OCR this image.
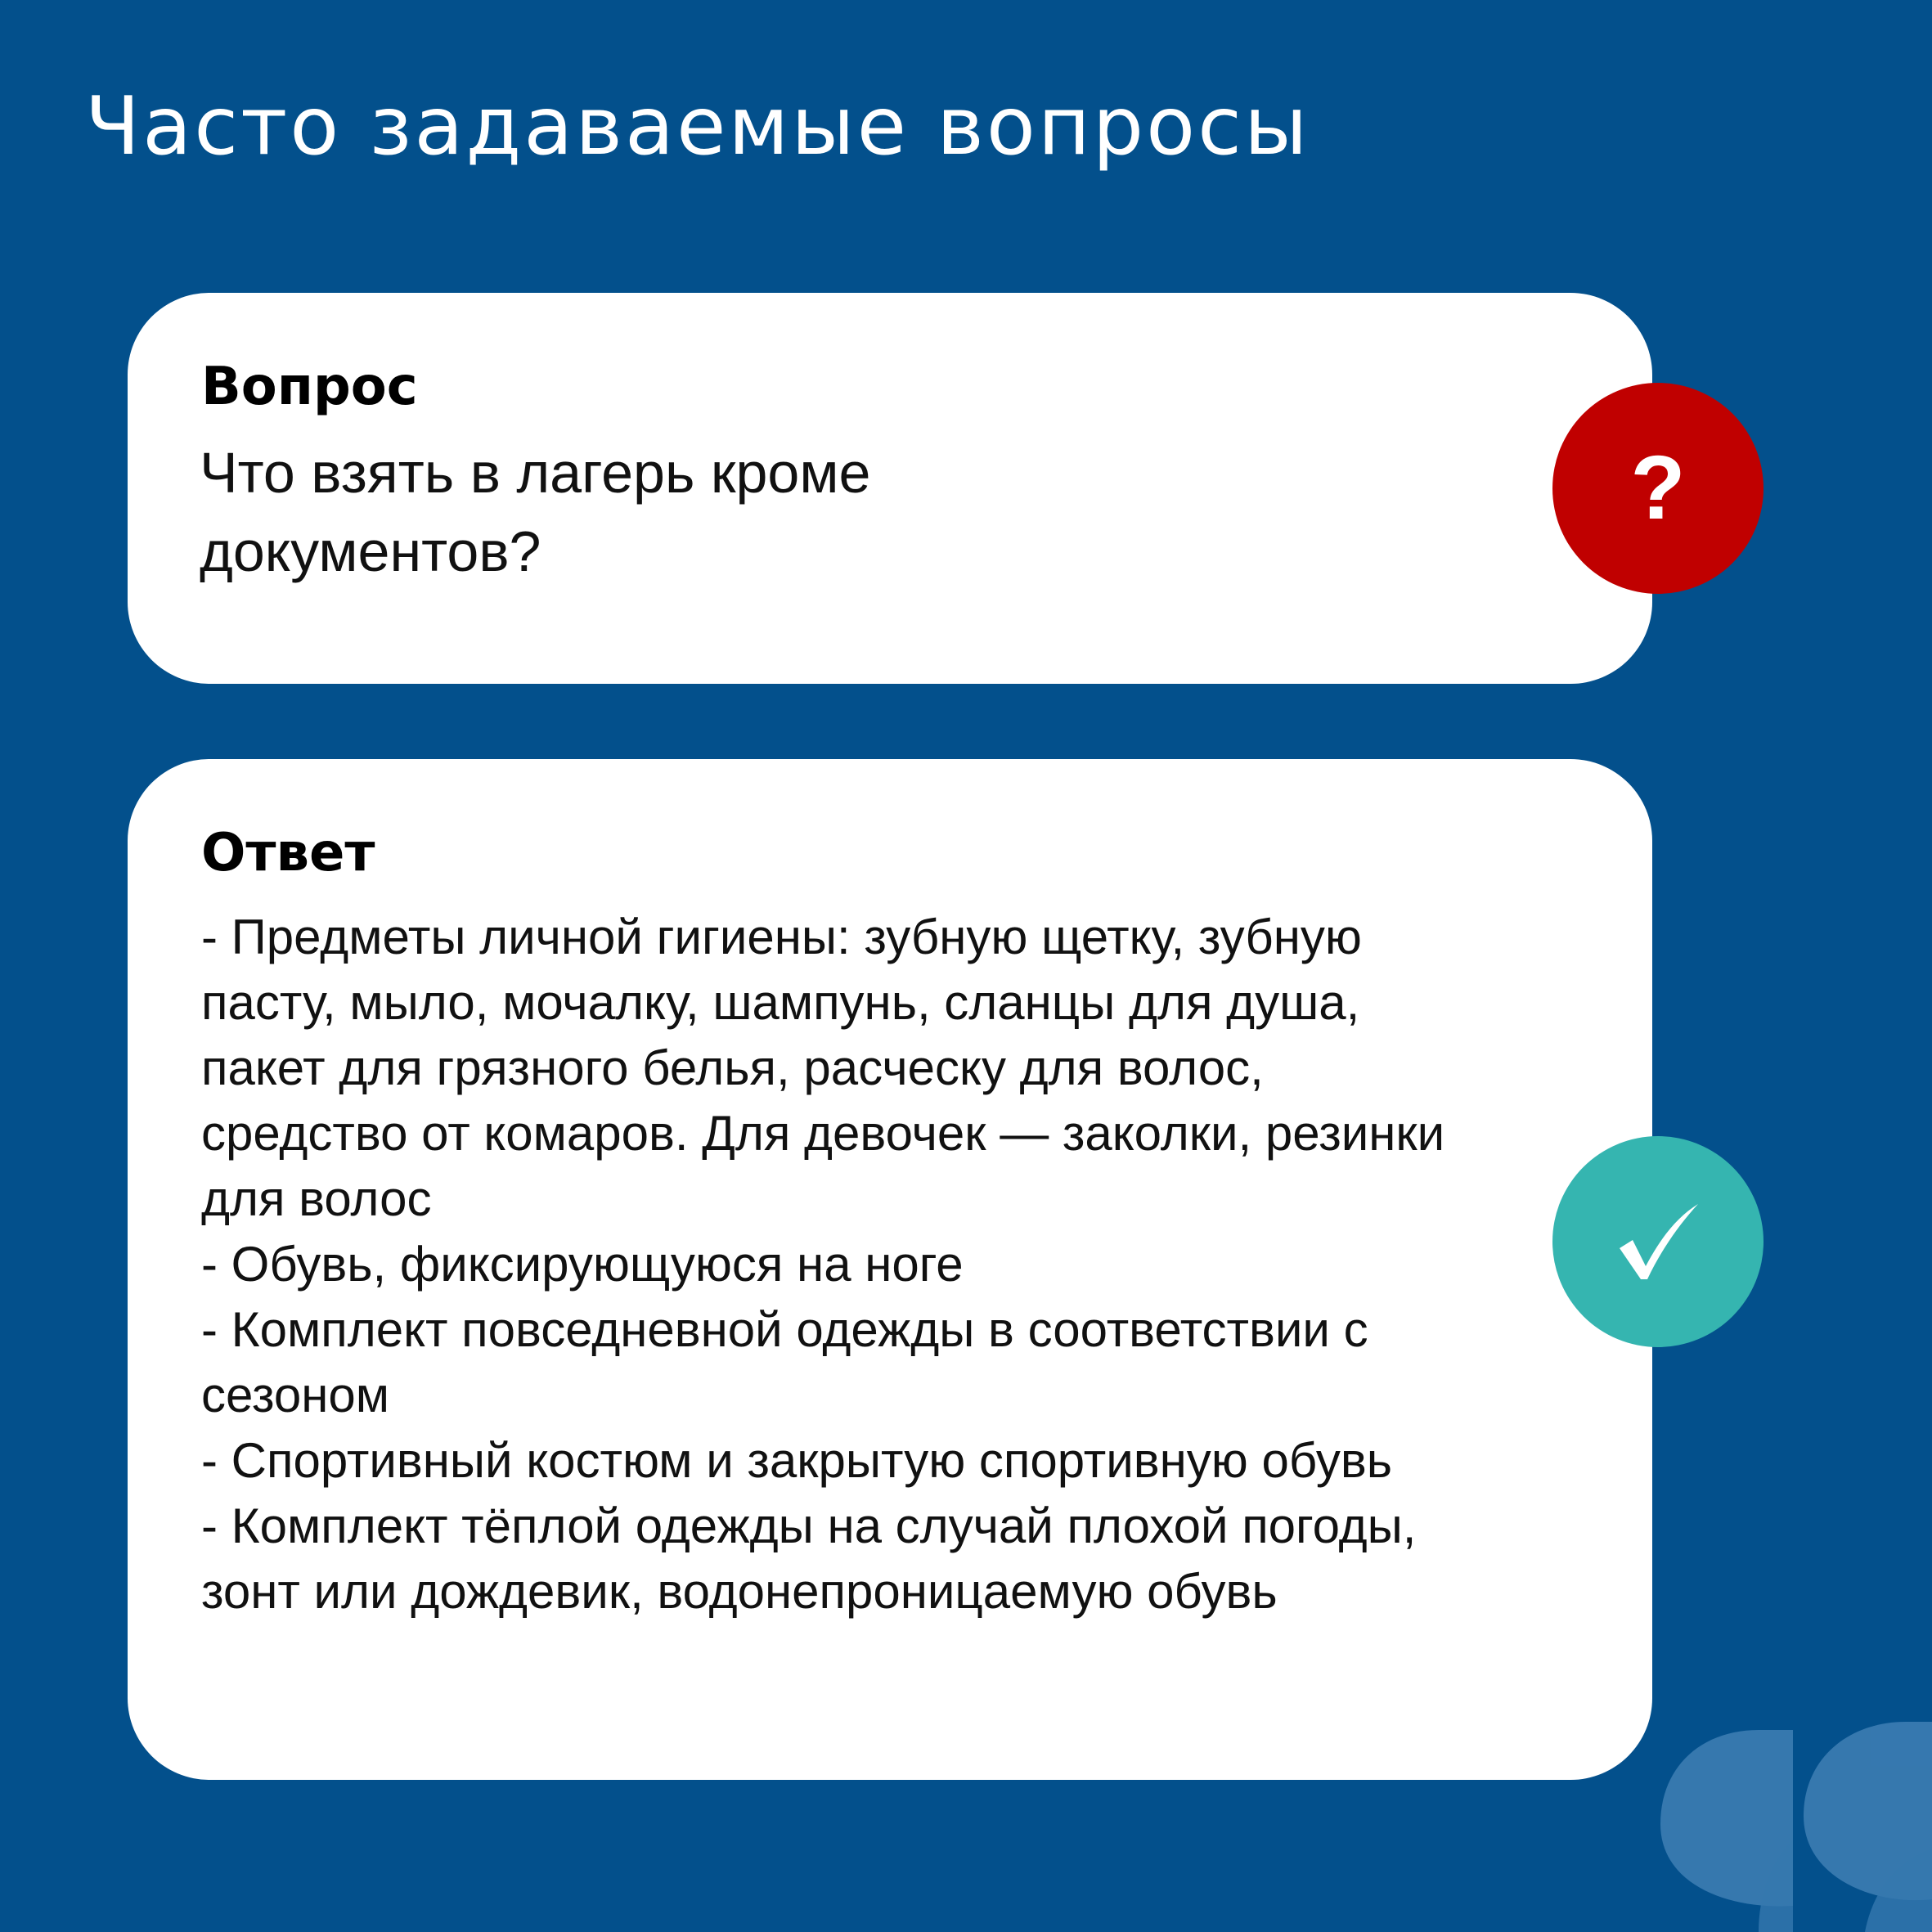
Часто задаваемые вопросы
Вопрос

Что взять в лагерь кроме
документов?

?
Ответ
- Предметы личной гигиены: зубную щетку, зубную
пасту, мыло, мочалку, шампунь, сланцы для душа,
пакет для грязного белья, расческу для волос,
средство от комаров. Для девочек — заколки, резинки
для волос
- Обувь, фиксирующуюся на ноге
- Комплект повседневной одежды в соответствии с
сезоном
- Спортивный костюм и закрытую спортивную обувь
- Комплект тёплой одежды на случай плохой погоды,
зонт или дождевик, водонепроницаемую обувь
